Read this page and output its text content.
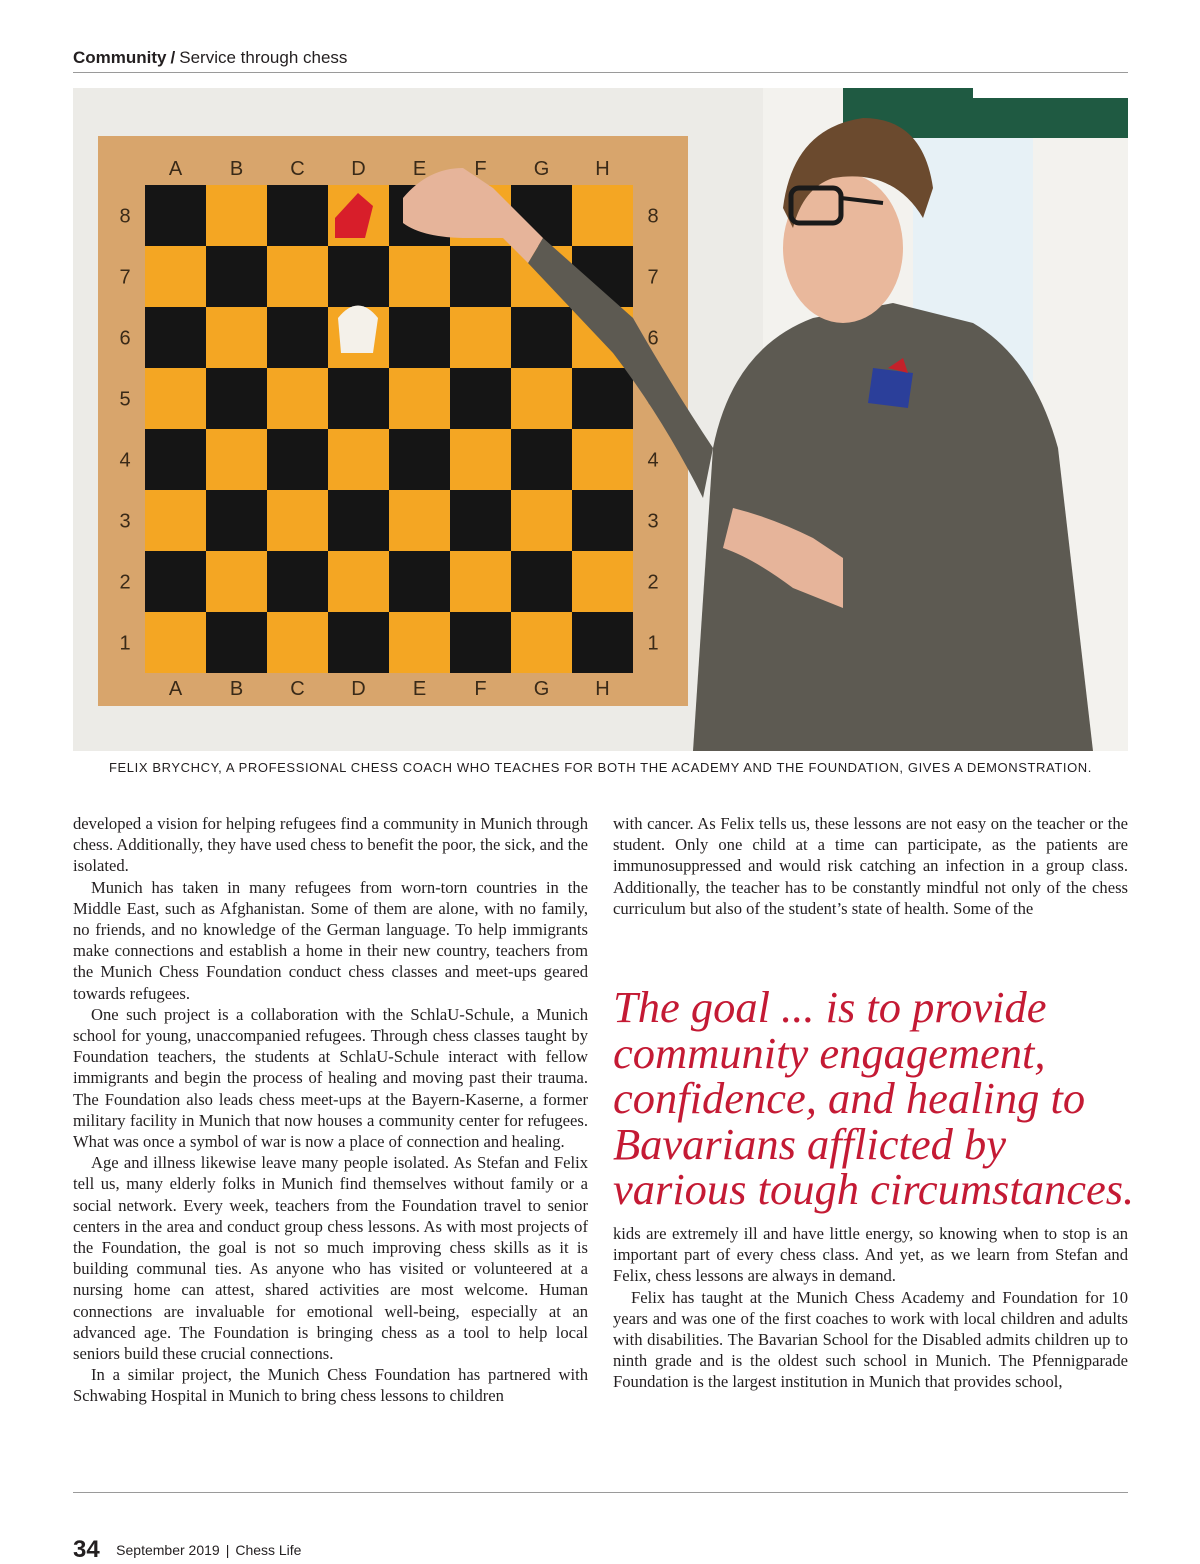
Community / Service through chess
A
A
B
B
C
C
D
D
E
E
F
F
G
G
H
H
8	8
7	7
6	6
5
4	4
3	3
2	2
1	1
FELIX BRYCHCY, A PROFESSIONAL CHESS COACH WHO TEACHES FOR BOTH THE ACADEMY AND THE FOUNDATION, GIVES A DEMONSTRATION.

developed a vision for helping refugees find a community in Munich through chess. Additionally, they have used chess to benefit the poor, the sick, and the isolated.

Munich has taken in many refugees from worn-torn countries in the Middle East, such as Afghanistan. Some of them are alone, with no family, no friends, and no knowledge of the German language. To help immigrants make connections and establish a home in their new country, teachers from the Munich Chess Foundation conduct chess classes and meet-ups geared towards refugees.

One such project is a collaboration with the SchlaU-Schule, a Munich school for young, unaccompanied refugees. Through chess classes taught by Foundation teachers, the students at SchlaU-Schule interact with fellow immigrants and begin the process of healing and moving past their trauma. The Foundation also leads chess meet-ups at the Bayern-Kaserne, a former military facility in Munich that now houses a community center for refugees. What was once a symbol of war is now a place of connection and healing.

Age and illness likewise leave many people isolated. As Stefan and Felix tell us, many elderly folks in Munich find themselves without family or a social network. Every week, teachers from the Foundation travel to senior centers in the area and conduct group chess lessons. As with most projects of the Foundation, the goal is not so much improving chess skills as it is building communal ties. As anyone who has visited or volunteered at a nursing home can attest, shared activities are most welcome. Human connections are invaluable for emotional well-being, especially at an advanced age. The Foundation is bringing chess as a tool to help local seniors build these crucial connections.

In a similar project, the Munich Chess Foundation has partnered with Schwabing Hospital in Munich to bring chess lessons to children

with cancer. As Felix tells us, these lessons are not easy on the teacher or the student. Only one child at a time can participate, as the patients are immunosuppressed and would risk catching an infection in a group class. Additionally, the teacher has to be constantly mindful not only of the chess curriculum but also of the student’s state of health. Some of the

The goal ... is to provide community engagement, confidence, and healing to Bavarians afflicted by various tough circumstances.

kids are extremely ill and have little energy, so knowing when to stop is an important part of every chess class. And yet, as we learn from Stefan and Felix, chess lessons are always in demand.

Felix has taught at the Munich Chess Academy and Foundation for 10 years and was one of the first coaches to work with local children and adults with disabilities. The Bavarian School for the Disabled admits children up to ninth grade and is the oldest such school in Munich. The Pfennigparade Foundation is the largest institution in Munich that provides school,

34 September 2019 | Chess Life
